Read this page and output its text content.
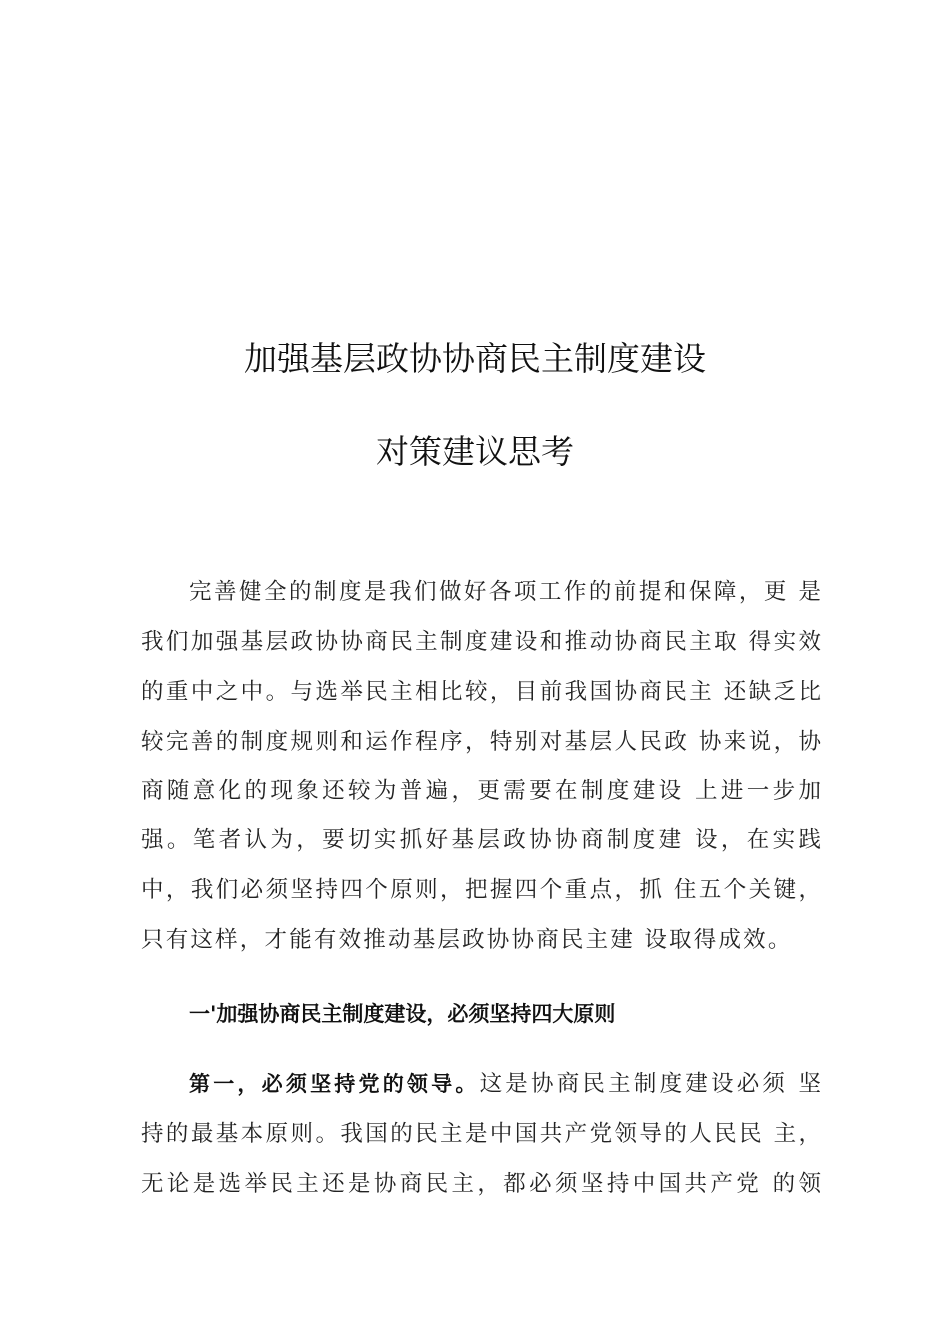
加强基层政协协商民主制度建设
对策建议思考
完善健全的制度是我们做好各项工作的前提和保障，更 是
我们加强基层政协协商民主制度建设和推动协商民主取 得实效
的重中之中。与选举民主相比较，目前我国协商民主 还缺乏比
较完善的制度规则和运作程序，特别对基层人民政 协来说，协
商随意化的现象还较为普遍，更需要在制度建设 上进一步加
强。笔者认为，要切实抓好基层政协协商制度建 设，在实践
中，我们必须坚持四个原则，把握四个重点，抓 住五个关键，
只有这样，才能有效推动基层政协协商民主建 设取得成效。
一'加强协商民主制度建设，必须坚持四大原则
第一，必须坚持党的领导。这是协商民主制度建设必须 坚
持的最基本原则。我国的民主是中国共产党领导的人民民 主，
无论是选举民主还是协商民主，都必须坚持中国共产党 的领
